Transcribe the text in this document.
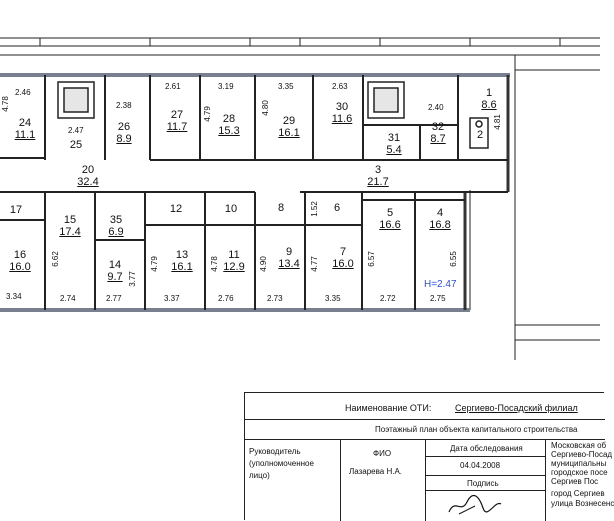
1
8.6
2
3
21.7
4
16.8
5
16.6
6
7
16.0
8
9
13.4
10
11
12.9
12
13
16.1
14
9.7
15
17.4
16
16.0
17
20
32.4
24
11.1
25
26
8.9
27
11.7
28
15.3
29
16.1
30
11.6
31
5.4
32
8.7
35
6.9
2.46
4.78
2.47
2.38
2.61
4.79
3.19
4.80
3.35	2.63
2.40
4.81
1.52
6.62
3.77
4.79	4.78	4.90	4.77	6.57	6.55
3.34	2.74	2.77	3.37	2.76	2.73	3.35	2.72	2.75
H=2.47
Наименование ОТИ:	Сергиево-Посадский филиал
Поэтажный план объекта капитального строительства
Руководитель
(уполномоченное
лицо)
ФИО
Лазарева Н.А.
Дата обследования
04.04.2008
Подпись
Московская об
Сергиево-Посад
муниципальны
городское посе
Сергиев Пос
город Сергиев
улица Вознесенс
